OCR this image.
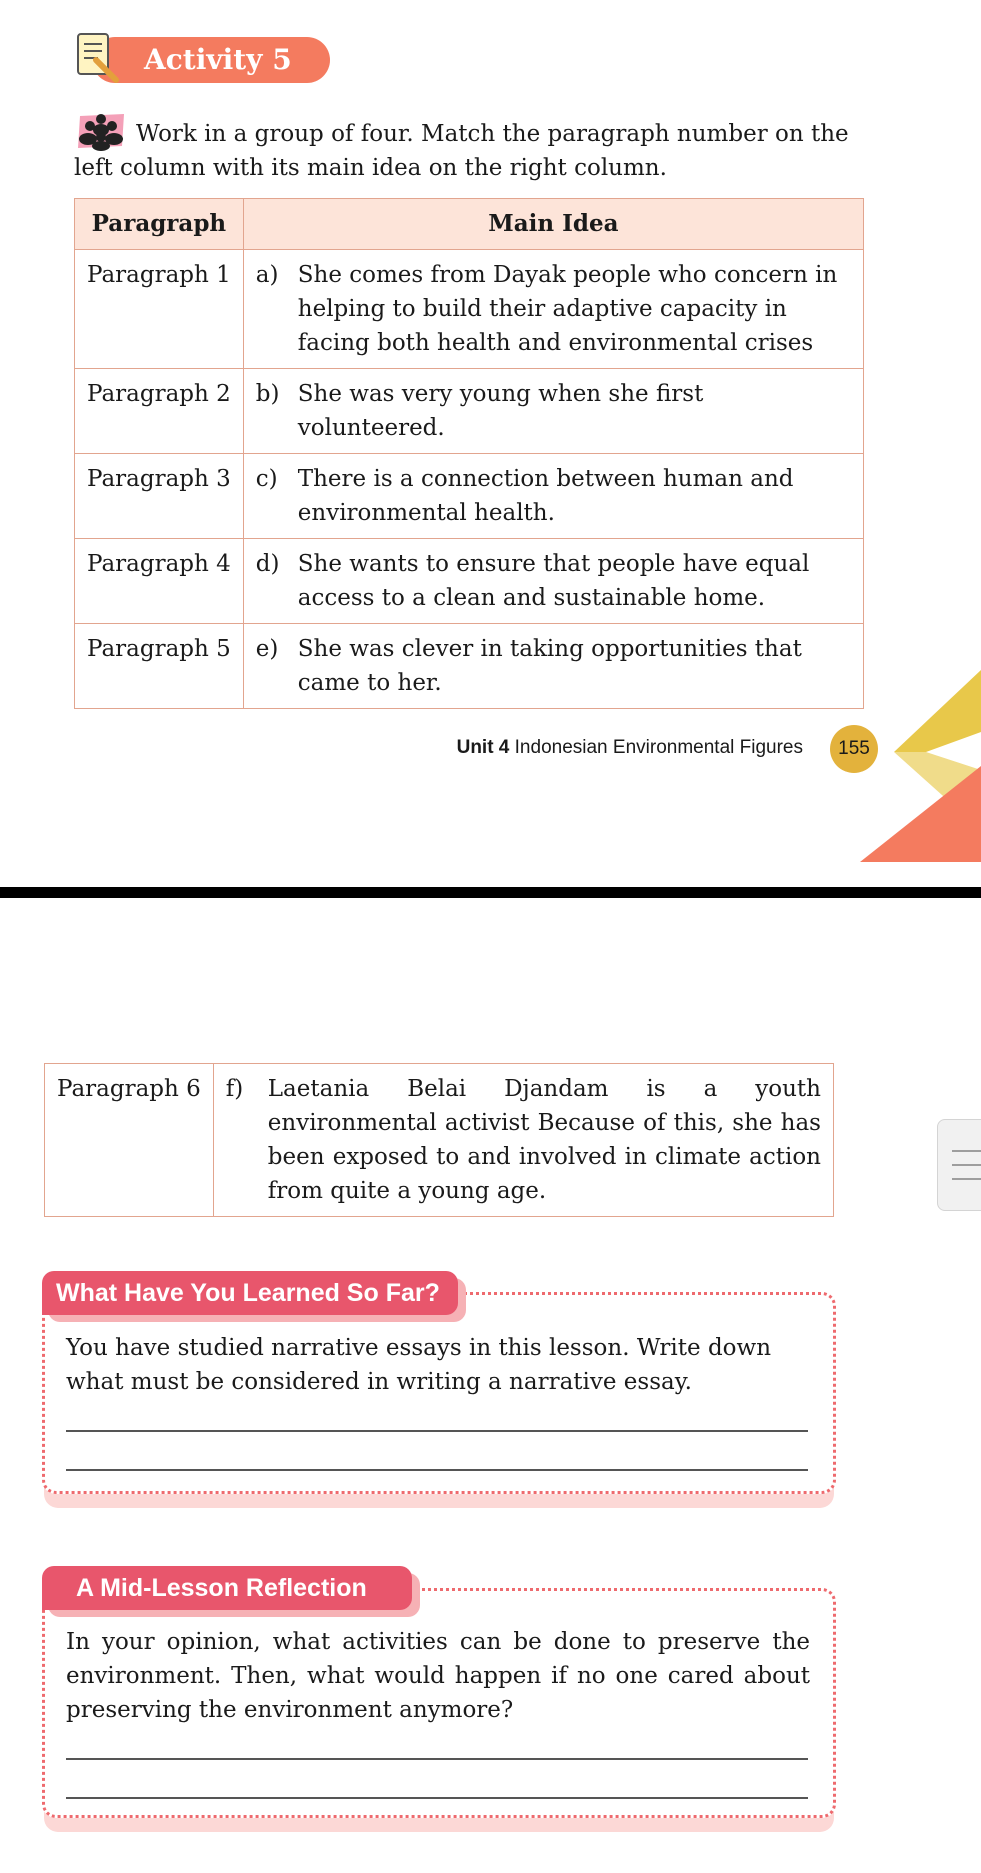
Activity 5
Work in a group of four. Match the paragraph number on the left column with its main idea on the right column.
Paragraph	Main Idea
Paragraph 1	a) She comes from Dayak people who concern in helping to build their adaptive capacity in facing both health and environmental crises

Paragraph 2	b) She was very young when she first volunteered.

Paragraph 3	c) There is a connection between human and environmental health.

Paragraph 4	d) She wants to ensure that people have equal access to a clean and sustainable home.

Paragraph 5	e) She was clever in taking opportunities that came to her.
Unit 4 Indonesian Environmental Figures	155
Paragraph 6	f)	Laetania Belai Djandam is a youth environmental activist Because of this, she has been exposed to and involved in climate action from quite a young age.
What Have You Learned So Far?
You have studied narrative essays in this lesson. Write down what must be considered in writing a narrative essay.
A Mid-Lesson Reflection
In your opinion, what activities can be done to preserve the environment. Then, what would happen if no one cared about preserving the environment anymore?
